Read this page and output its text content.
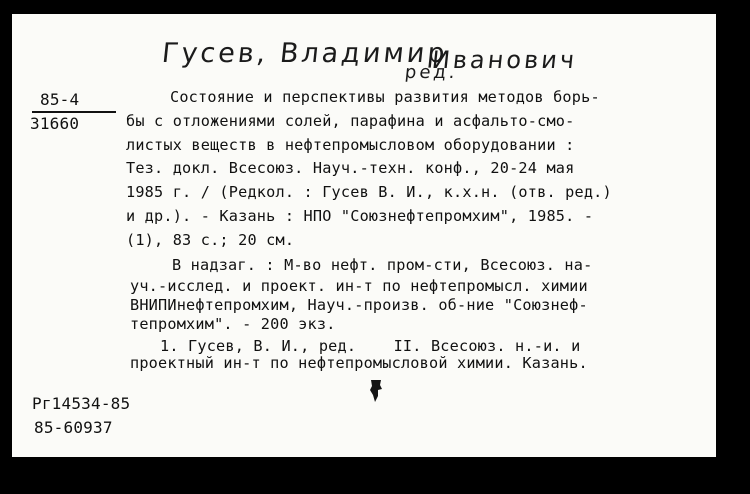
Гусев, Владимир
Иванович
ред.
85-4
31660
Состояние и перспективы развития методов борь-
бы с отложениями солей, парафина и асфальто-смо-
листых веществ в нефтепромысловом оборудовании :
Тез. докл. Всесоюз. Науч.-техн. конф., 20-24 мая
1985 г. / (Редкол. : Гусев В. И., к.х.н. (отв. ред.)
и др.). - Казань : НПО "Союзнефтепромхим", 1985. -
(1), 83 с.; 20 см.
В надзаг. : М-во нефт. пром-сти, Всесоюз. на-
уч.-исслед. и проект. ин-т по нефтепромысл. химии
ВНИПИнефтепромхим, Науч.-произв. об-ние "Союзнеф-
тепромхим". - 200 экз.
1. Гусев, В. И., ред.    II. Всесоюз. н.-и. и
проектный ин-т по нефтепромысловой химии. Казань.
Рг14534-85
85-60937
